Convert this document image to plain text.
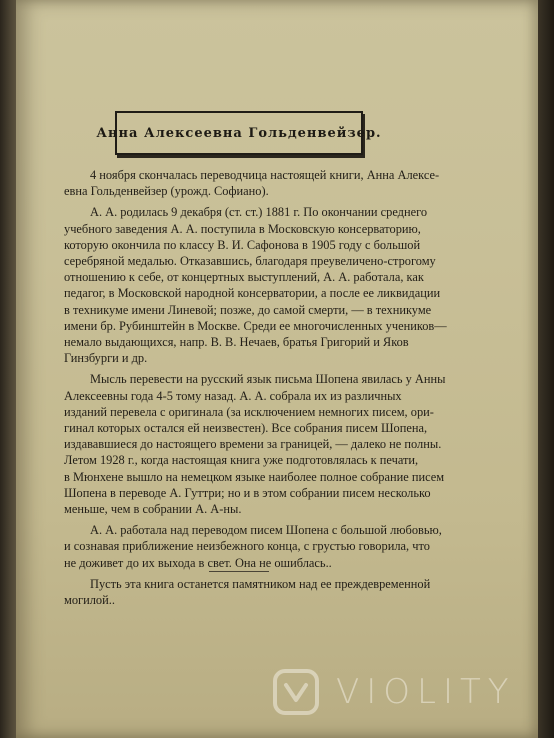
Анна Алексеевна Гольденвейзер.
4 ноября скончалась переводчица настоящей книги, Анна Алексе-
евна Гольденвейзер (урожд. Софиано).
А. А. родилась 9 декабря (ст. ст.) 1881 г. По окончании среднего
учебного заведения А. А. поступила в Московскую консерваторию,
которую окончила по классу В. И. Сафонова в 1905 году с большой
серебряной медалью. Отказавшись, благодаря преувеличено-строгому
отношению к себе, от концертных выступлений, А. А. работала, как
педагог, в Московской народной консерватории, а после ее ликвидации
в техникуме имени Линевой; позже, до самой смерти, — в техникуме
имени бр. Рубинштейн в Москве. Среди ее многочисленных учеников—
немало выдающихся, напр. В. В. Нечаев, братья Григорий и Яков
Гинзбурги и др.
Мысль перевести на русский язык письма Шопена явилась у Анны
Алексеевны года 4-5 тому назад. А. А. собрала их из различных
изданий перевела с оригинала (за исключением немногих писем, ори-
гинал которых остался ей неизвестен). Все собрания писем Шопена,
издававшиеся до настоящего времени за границей, — далеко не полны.
Летом 1928 г., когда настоящая книга уже подготовлялась к печати,
в Мюнхене вышло на немецком языке наиболее полное собрание писем
Шопена в переводе А. Гуттри; но и в этом собрании писем несколько
меньше, чем в собрании А. А-ны.
А. А. работала над переводом писем Шопена с большой любовью,
и сознавая приближение неизбежного конца, с грустью говорила, что
не доживет до их выхода в свет. Она не ошиблась..
Пусть эта книга останется памятником над ее преждевременной
могилой..
VIOLITY
